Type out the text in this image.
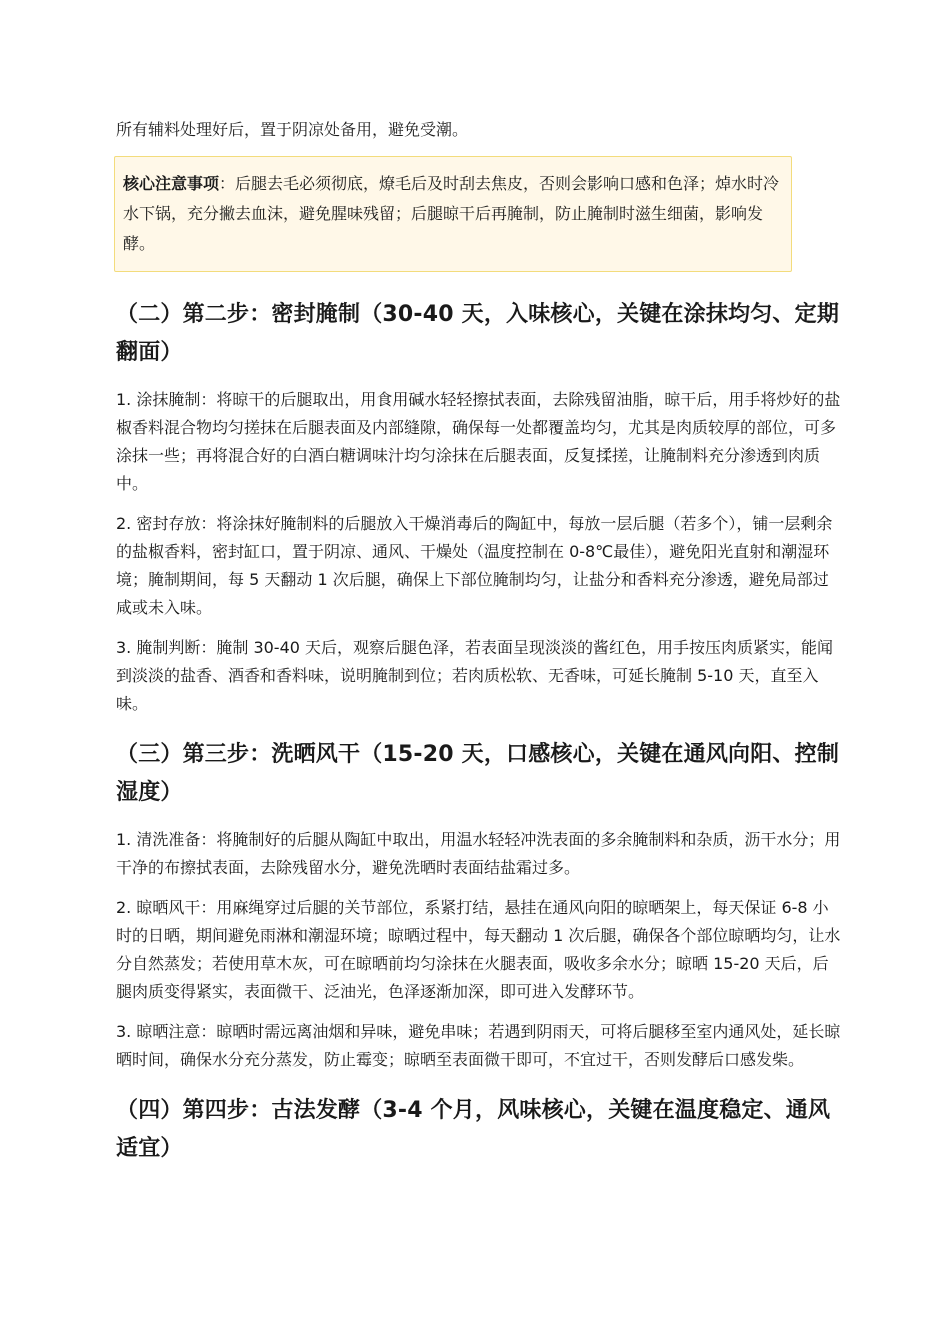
所有辅料处理好后，置于阴凉处备用，避免受潮。

核心注意事项：后腿去毛必须彻底，燎毛后及时刮去焦皮，否则会影响口感和色泽；焯水时冷水下锅，充分撇去血沫，避免腥味残留；后腿晾干后再腌制，防止腌制时滋生细菌，影响发酵。
（二）第二步：密封腌制（30-40 天，入味核心，关键在涂抹均匀、定期翻面）

1. 涂抹腌制：将晾干的后腿取出，用食用碱水轻轻擦拭表面，去除残留油脂，晾干后，用手将炒好的盐椒香料混合物均匀搓抹在后腿表面及内部缝隙，确保每一处都覆盖均匀，尤其是肉质较厚的部位，可多涂抹一些；再将混合好的白酒白糖调味汁均匀涂抹在后腿表面，反复揉搓，让腌制料充分渗透到肉质中。

2. 密封存放：将涂抹好腌制料的后腿放入干燥消毒后的陶缸中，每放一层后腿（若多个），铺一层剩余的盐椒香料，密封缸口，置于阴凉、通风、干燥处（温度控制在 0-8℃最佳），避免阳光直射和潮湿环境；腌制期间，每 5 天翻动 1 次后腿，确保上下部位腌制均匀，让盐分和香料充分渗透，避免局部过咸或未入味。

3. 腌制判断：腌制 30-40 天后，观察后腿色泽，若表面呈现淡淡的酱红色，用手按压肉质紧实，能闻到淡淡的盐香、酒香和香料味，说明腌制到位；若肉质松软、无香味，可延长腌制 5-10 天，直至入味。

（三）第三步：洗晒风干（15-20 天，口感核心，关键在通风向阳、控制湿度）

1. 清洗准备：将腌制好的后腿从陶缸中取出，用温水轻轻冲洗表面的多余腌制料和杂质，沥干水分；用干净的布擦拭表面，去除残留水分，避免洗晒时表面结盐霜过多。

2. 晾晒风干：用麻绳穿过后腿的关节部位，系紧打结，悬挂在通风向阳的晾晒架上，每天保证 6-8 小时的日晒，期间避免雨淋和潮湿环境；晾晒过程中，每天翻动 1 次后腿，确保各个部位晾晒均匀，让水分自然蒸发；若使用草木灰，可在晾晒前均匀涂抹在火腿表面，吸收多余水分；晾晒 15-20 天后，后腿肉质变得紧实，表面微干、泛油光，色泽逐渐加深，即可进入发酵环节。

3. 晾晒注意：晾晒时需远离油烟和异味，避免串味；若遇到阴雨天，可将后腿移至室内通风处，延长晾晒时间，确保水分充分蒸发，防止霉变；晾晒至表面微干即可，不宜过干，否则发酵后口感发柴。

（四）第四步：古法发酵（3-4 个月，风味核心，关键在温度稳定、通风适宜）
